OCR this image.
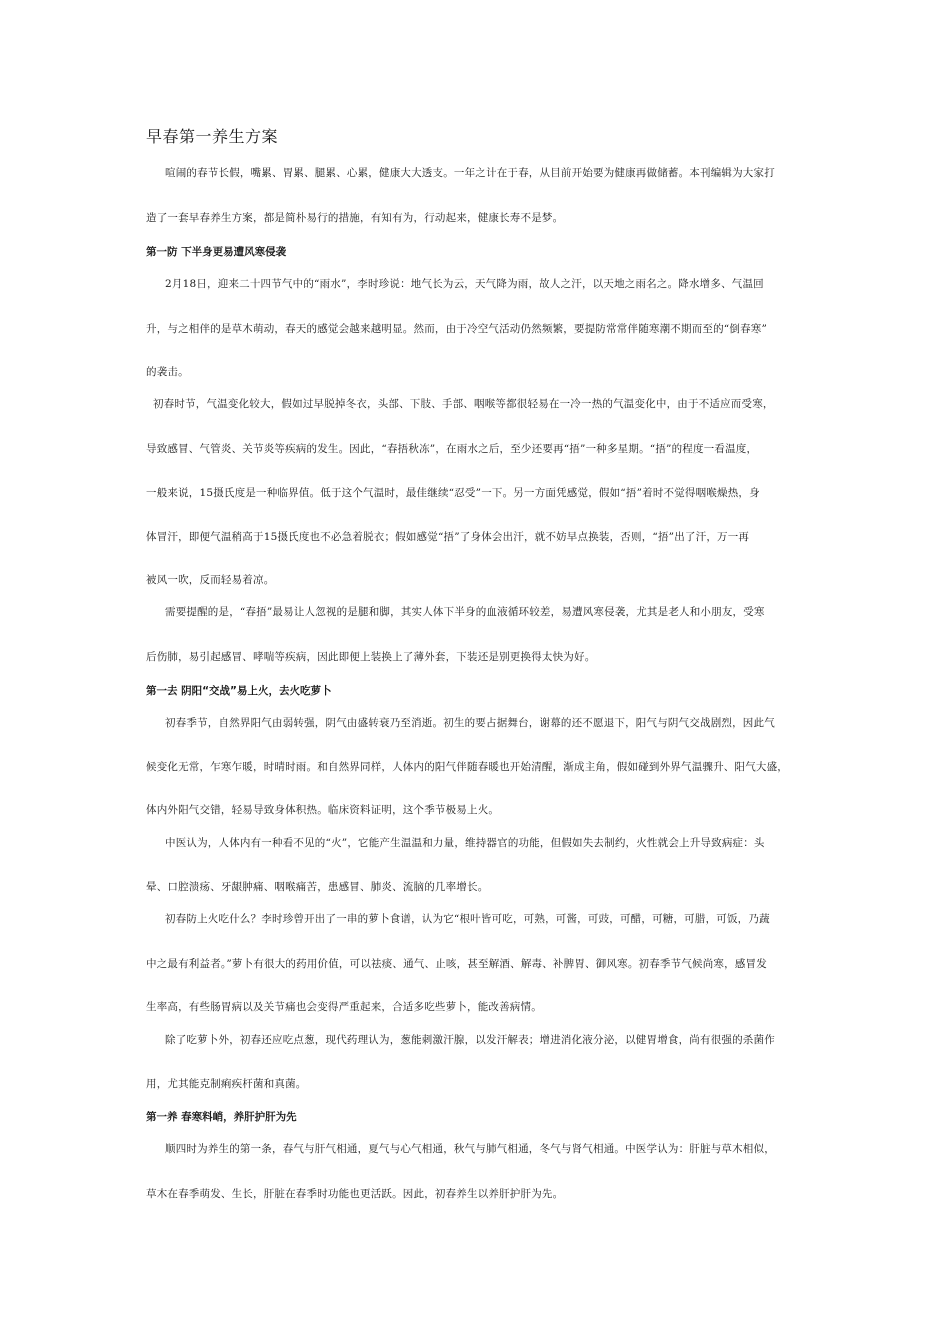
早春第一养生方案
喧闹的春节长假，嘴累、胃累、腿累、心累，健康大大透支。一年之计在于春，从目前开始要为健康再做储蓄。本刊编辑为大家打
造了一套早春养生方案，都是简朴易行的措施，有知有为，行动起来，健康长寿不是梦。
第一防 下半身更易遭风寒侵袭
2月18日，迎来二十四节气中的“雨水”，李时珍说：地气长为云，天气降为雨，故人之汗，以天地之雨名之。降水增多、气温回
升，与之相伴的是草木萌动，春天的感觉会越来越明显。然而，由于冷空气活动仍然频繁，要提防常常伴随寒潮不期而至的“倒春寒”
的袭击。
初春时节，气温变化较大，假如过早脱掉冬衣，头部、下肢、手部、咽喉等都很轻易在一冷一热的气温变化中，由于不适应而受寒，
导致感冒、气管炎、关节炎等疾病的发生。因此，“春捂秋冻”，在雨水之后，至少还要再“捂”一种多星期。“捂”的程度一看温度，
一般来说，15摄氏度是一种临界值。低于这个气温时，最佳继续“忍受”一下。另一方面凭感觉，假如“捂”着时不觉得咽喉燥热，身
体冒汗，即便气温稍高于15摄氏度也不必急着脱衣；假如感觉“捂”了身体会出汗，就不妨早点换装，否则，“捂”出了汗，万一再
被风一吹，反而轻易着凉。
需要提醒的是，“春捂”最易让人忽视的是腿和脚，其实人体下半身的血液循环较差，易遭风寒侵袭，尤其是老人和小朋友，受寒
后伤肺，易引起感冒、哮喘等疾病，因此即便上装换上了薄外套，下装还是别更换得太快为好。
第一去 阴阳“交战”易上火，去火吃萝卜
初春季节，自然界阳气由弱转强，阴气由盛转衰乃至消逝。初生的要占据舞台，谢幕的还不愿退下，阳气与阴气交战剧烈，因此气
候变化无常，乍寒乍暖，时晴时雨。和自然界同样，人体内的阳气伴随春暖也开始清醒，渐成主角，假如碰到外界气温骤升、阳气大盛，
体内外阳气交错，轻易导致身体积热。临床资料证明，这个季节极易上火。
中医认为，人体内有一种看不见的“火”，它能产生温温和力量，维持器官的功能，但假如失去制约，火性就会上升导致病症：头
晕、口腔溃疡、牙龈肿痛、咽喉痛苦，患感冒、肺炎、流脑的几率增长。
初春防上火吃什么？李时珍曾开出了一串的萝卜食谱，认为它“根叶皆可吃，可熟，可酱，可豉，可醋，可糖，可腊，可饭，乃蔬
中之最有利益者。”萝卜有很大的药用价值，可以祛痰、通气、止咳，甚至解酒、解毒、补脾胃、御风寒。初春季节气候尚寒，感冒发
生率高，有些肠胃病以及关节痛也会变得严重起来，合适多吃些萝卜，能改善病情。
除了吃萝卜外，初春还应吃点葱，现代药理认为，葱能刺激汗腺，以发汗解表；增进消化液分泌，以健胃增食，尚有很强的杀菌作
用，尤其能克制痢疾杆菌和真菌。
第一养 春寒料峭，养肝护肝为先
顺四时为养生的第一条，春气与肝气相通，夏气与心气相通，秋气与肺气相通，冬气与肾气相通。中医学认为：肝脏与草木相似，
草木在春季萌发、生长，肝脏在春季时功能也更活跃。因此，初春养生以养肝护肝为先。
